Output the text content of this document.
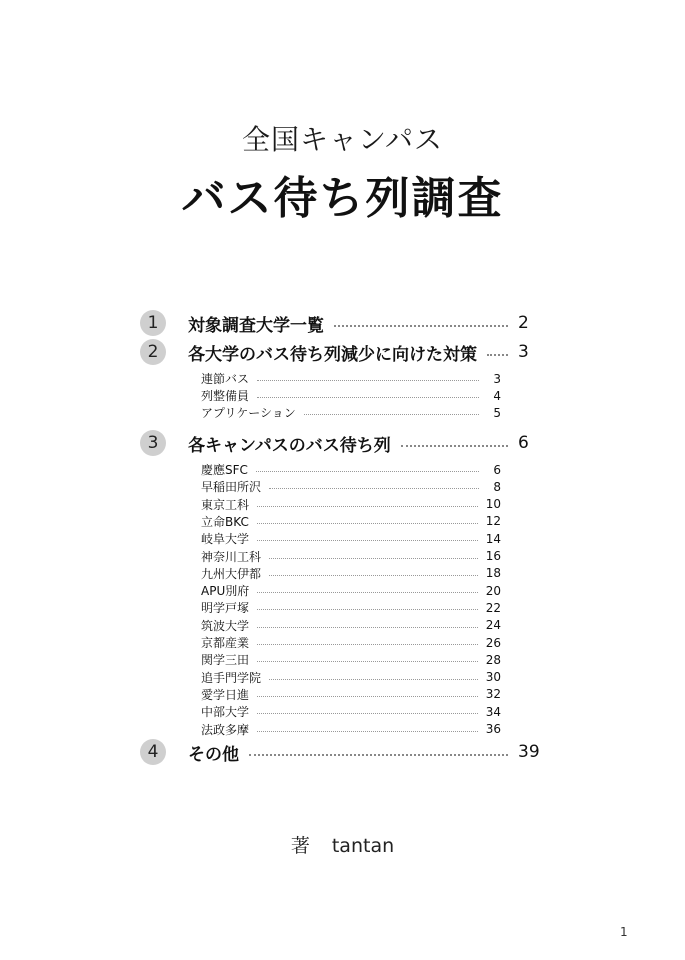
全国キャンパス
バス待ち列調査
1	対象調査大学一覧	2
2	各大学のバス待ち列減少に向けた対策 3
連節バス	3
列整備員	4
アプリケーション	5
3	各キャンパスのバス待ち列	6
慶應SFC	6
早稲田所沢	8
東京工科	10
立命BKC	12
岐阜大学	14
神奈川工科	16
九州大伊都	18
APU別府	20
明学戸塚	22
筑波大学	24
京都産業	26
関学三田	28
追手門学院	30
愛学日進	32
中部大学	34
法政多摩	36
4	その他	39
著 tantan
1
